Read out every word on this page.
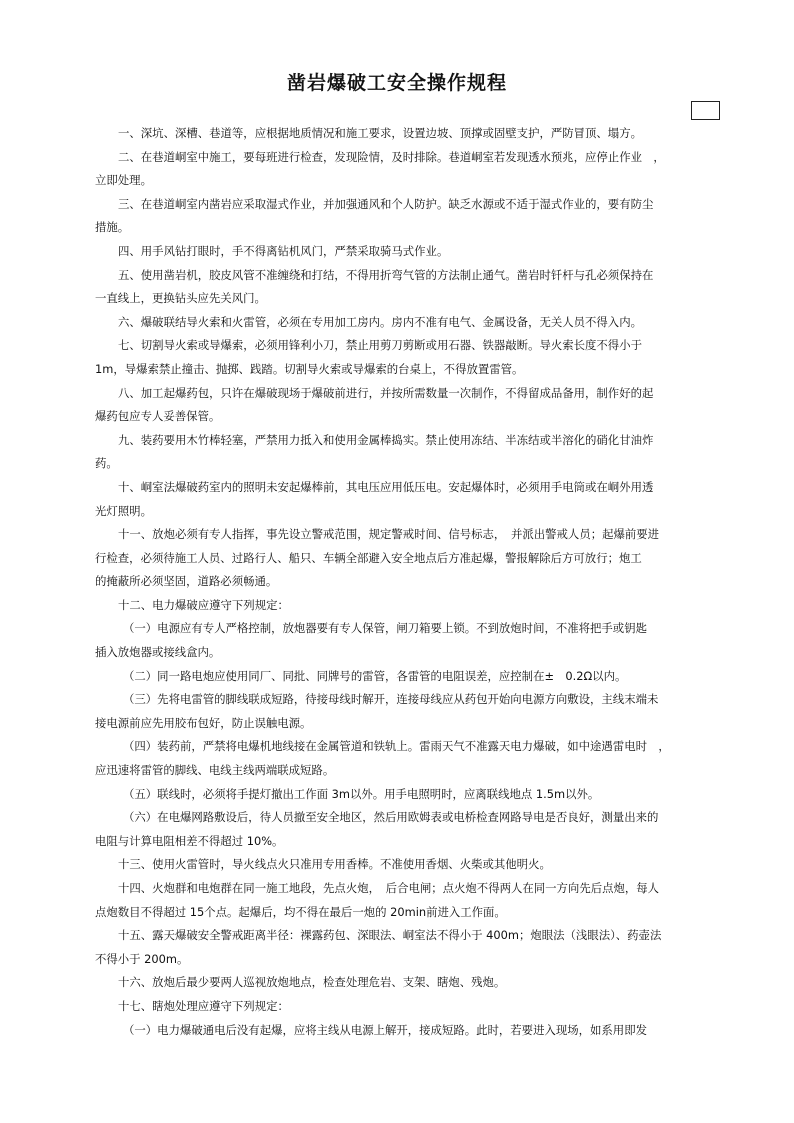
凿岩爆破工安全操作规程
一、深坑、深槽、巷道等，应根据地质情况和施工要求，设置边坡、顶撑或固壁支护，严防冒顶、塌方。
二、在巷道峒室中施工，要每班进行检查，发现险情，及时排除。巷道峒室若发现透水预兆，应停止作业　，
立即处理。
三、在巷道峒室内凿岩应采取湿式作业，并加强通风和个人防护。缺乏水源或不适于湿式作业的，要有防尘
措施。
四、用手风钻打眼时，手不得离钻机风门，严禁采取骑马式作业。
五、使用凿岩机，胶皮风管不准缠绕和打结，不得用折弯气管的方法制止通气。凿岩时钎杆与孔必须保持在
一直线上，更换钻头应先关风门。
六、爆破联结导火索和火雷管，必须在专用加工房内。房内不准有电气、金属设备，无关人员不得入内。
七、切割导火索或导爆索，必须用锋利小刀，禁止用剪刀剪断或用石器、铁器敲断。导火索长度不得小于
1m，导爆索禁止撞击、抛掷、践踏。切割导火索或导爆索的台桌上，不得放置雷管。
八、加工起爆药包，只许在爆破现场于爆破前进行，并按所需数量一次制作，不得留成品备用，制作好的起
爆药包应专人妥善保管。
九、装药要用木竹棒轻塞，严禁用力抵入和使用金属棒捣实。禁止使用冻结、半冻结或半溶化的硝化甘油炸
药。
十、峒室法爆破药室内的照明未安起爆棒前，其电压应用低压电。安起爆体时，必须用手电筒或在峒外用透
光灯照明。
十一、放炮必须有专人指挥，事先设立警戒范围，规定警戒时间、信号标志，　并派出警戒人员；起爆前要进
行检查，必须待施工人员、过路行人、船只、车辆全部避入安全地点后方准起爆，警报解除后方可放行；炮工
的掩蔽所必须坚固，道路必须畅通。
十二、电力爆破应遵守下列规定：
（一）电源应有专人严格控制，放炮器要有专人保管，闸刀箱要上锁。不到放炮时间，不准将把手或钥匙
插入放炮器或接线盒内。
（二）同一路电炮应使用同厂、同批、同牌号的雷管，各雷管的电阻误差，应控制在±　0.2Ω以内。
（三）先将电雷管的脚线联成短路，待接母线时解开，连接母线应从药包开始向电源方向敷设，主线末端未
接电源前应先用胶布包好，防止误触电源。
（四）装药前，严禁将电爆机地线接在金属管道和铁轨上。雷雨天气不准露天电力爆破，如中途遇雷电时　，
应迅速将雷管的脚线、电线主线两端联成短路。
（五）联线时，必须将手提灯撤出工作面 3m以外。用手电照明时，应离联线地点 1.5m以外。
（六）在电爆网路敷设后，待人员撤至安全地区，然后用欧姆表或电桥检查网路导电是否良好，测量出来的
电阻与计算电阻相差不得超过 10%。
十三、使用火雷管时，导火线点火只准用专用香棒。不准使用香烟、火柴或其他明火。
十四、火炮群和电炮群在同一施工地段，先点火炮，　后合电闸；点火炮不得两人在同一方向先后点炮，每人
点炮数目不得超过 15个点。起爆后，均不得在最后一炮的 20min前进入工作面。
十五、露天爆破安全警戒距离半径：裸露药包、深眼法、峒室法不得小于 400m；炮眼法（浅眼法）、药壶法
不得小于 200m。
十六、放炮后最少要两人巡视放炮地点，检查处理危岩、支架、瞎炮、残炮。
十七、瞎炮处理应遵守下列规定：
（一）电力爆破通电后没有起爆，应将主线从电源上解开，接成短路。此时，若要进入现场，如系用即发
